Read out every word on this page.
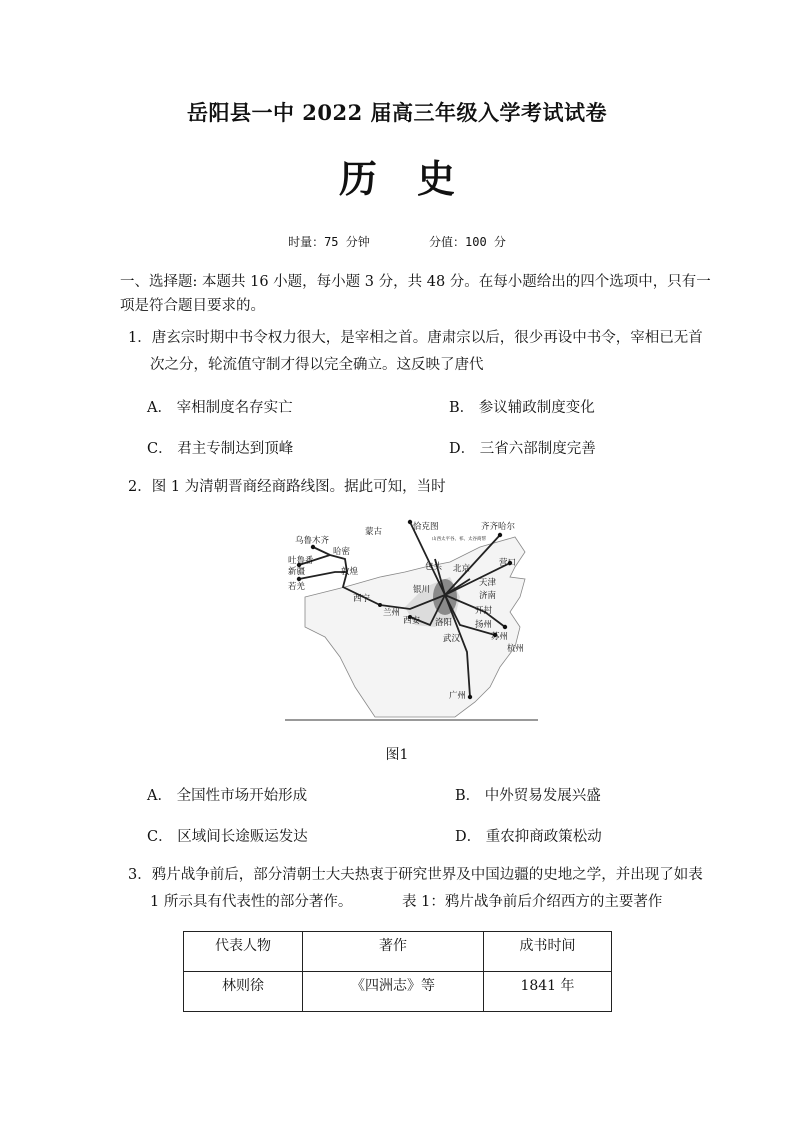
岳阳县一中 2022 届高三年级入学考试试卷
历史
时量：75 分钟	分值：100 分
一、选择题: 本题共 16 小题，每小题 3 分，共 48 分。在每小题给出的四个选项中，只有一
项是符合题目要求的。
1．唐玄宗时期中书令权力很大，是宰相之首。唐肃宗以后，很少再设中书令，宰相已无首
次之分，轮流值守制才得以完全确立。这反映了唐代
A． 宰相制度名存实亡	B． 参议辅政制度变化
C． 君主专制达到顶峰	D． 三省六部制度完善
2．图 1 为清朝晋商经商路线图。据此可知，当时
乌鲁木齐
蒙古	恰克图	齐齐哈尔
哈密
吐鲁番
新疆
若羌
敦煌	包头 北京
营口
天津
济南
西宁
兰州
银川
西安 洛阳
开封
扬州
苏州
杭州
武汉
广州
山西太平谷、祁、太谷商帮
图1
A． 全国性市场开始形成	B． 中外贸易发展兴盛
C． 区域间长途贩运发达	D． 重农抑商政策松动
3．鸦片战争前后，部分清朝士大夫热衷于研究世界及中国边疆的史地之学，并出现了如表
1 所示具有代表性的部分著作。	表 1：鸦片战争前后介绍西方的主要著作
代表人物	著作	成书时间
林则徐	《四洲志》等	1841 年
